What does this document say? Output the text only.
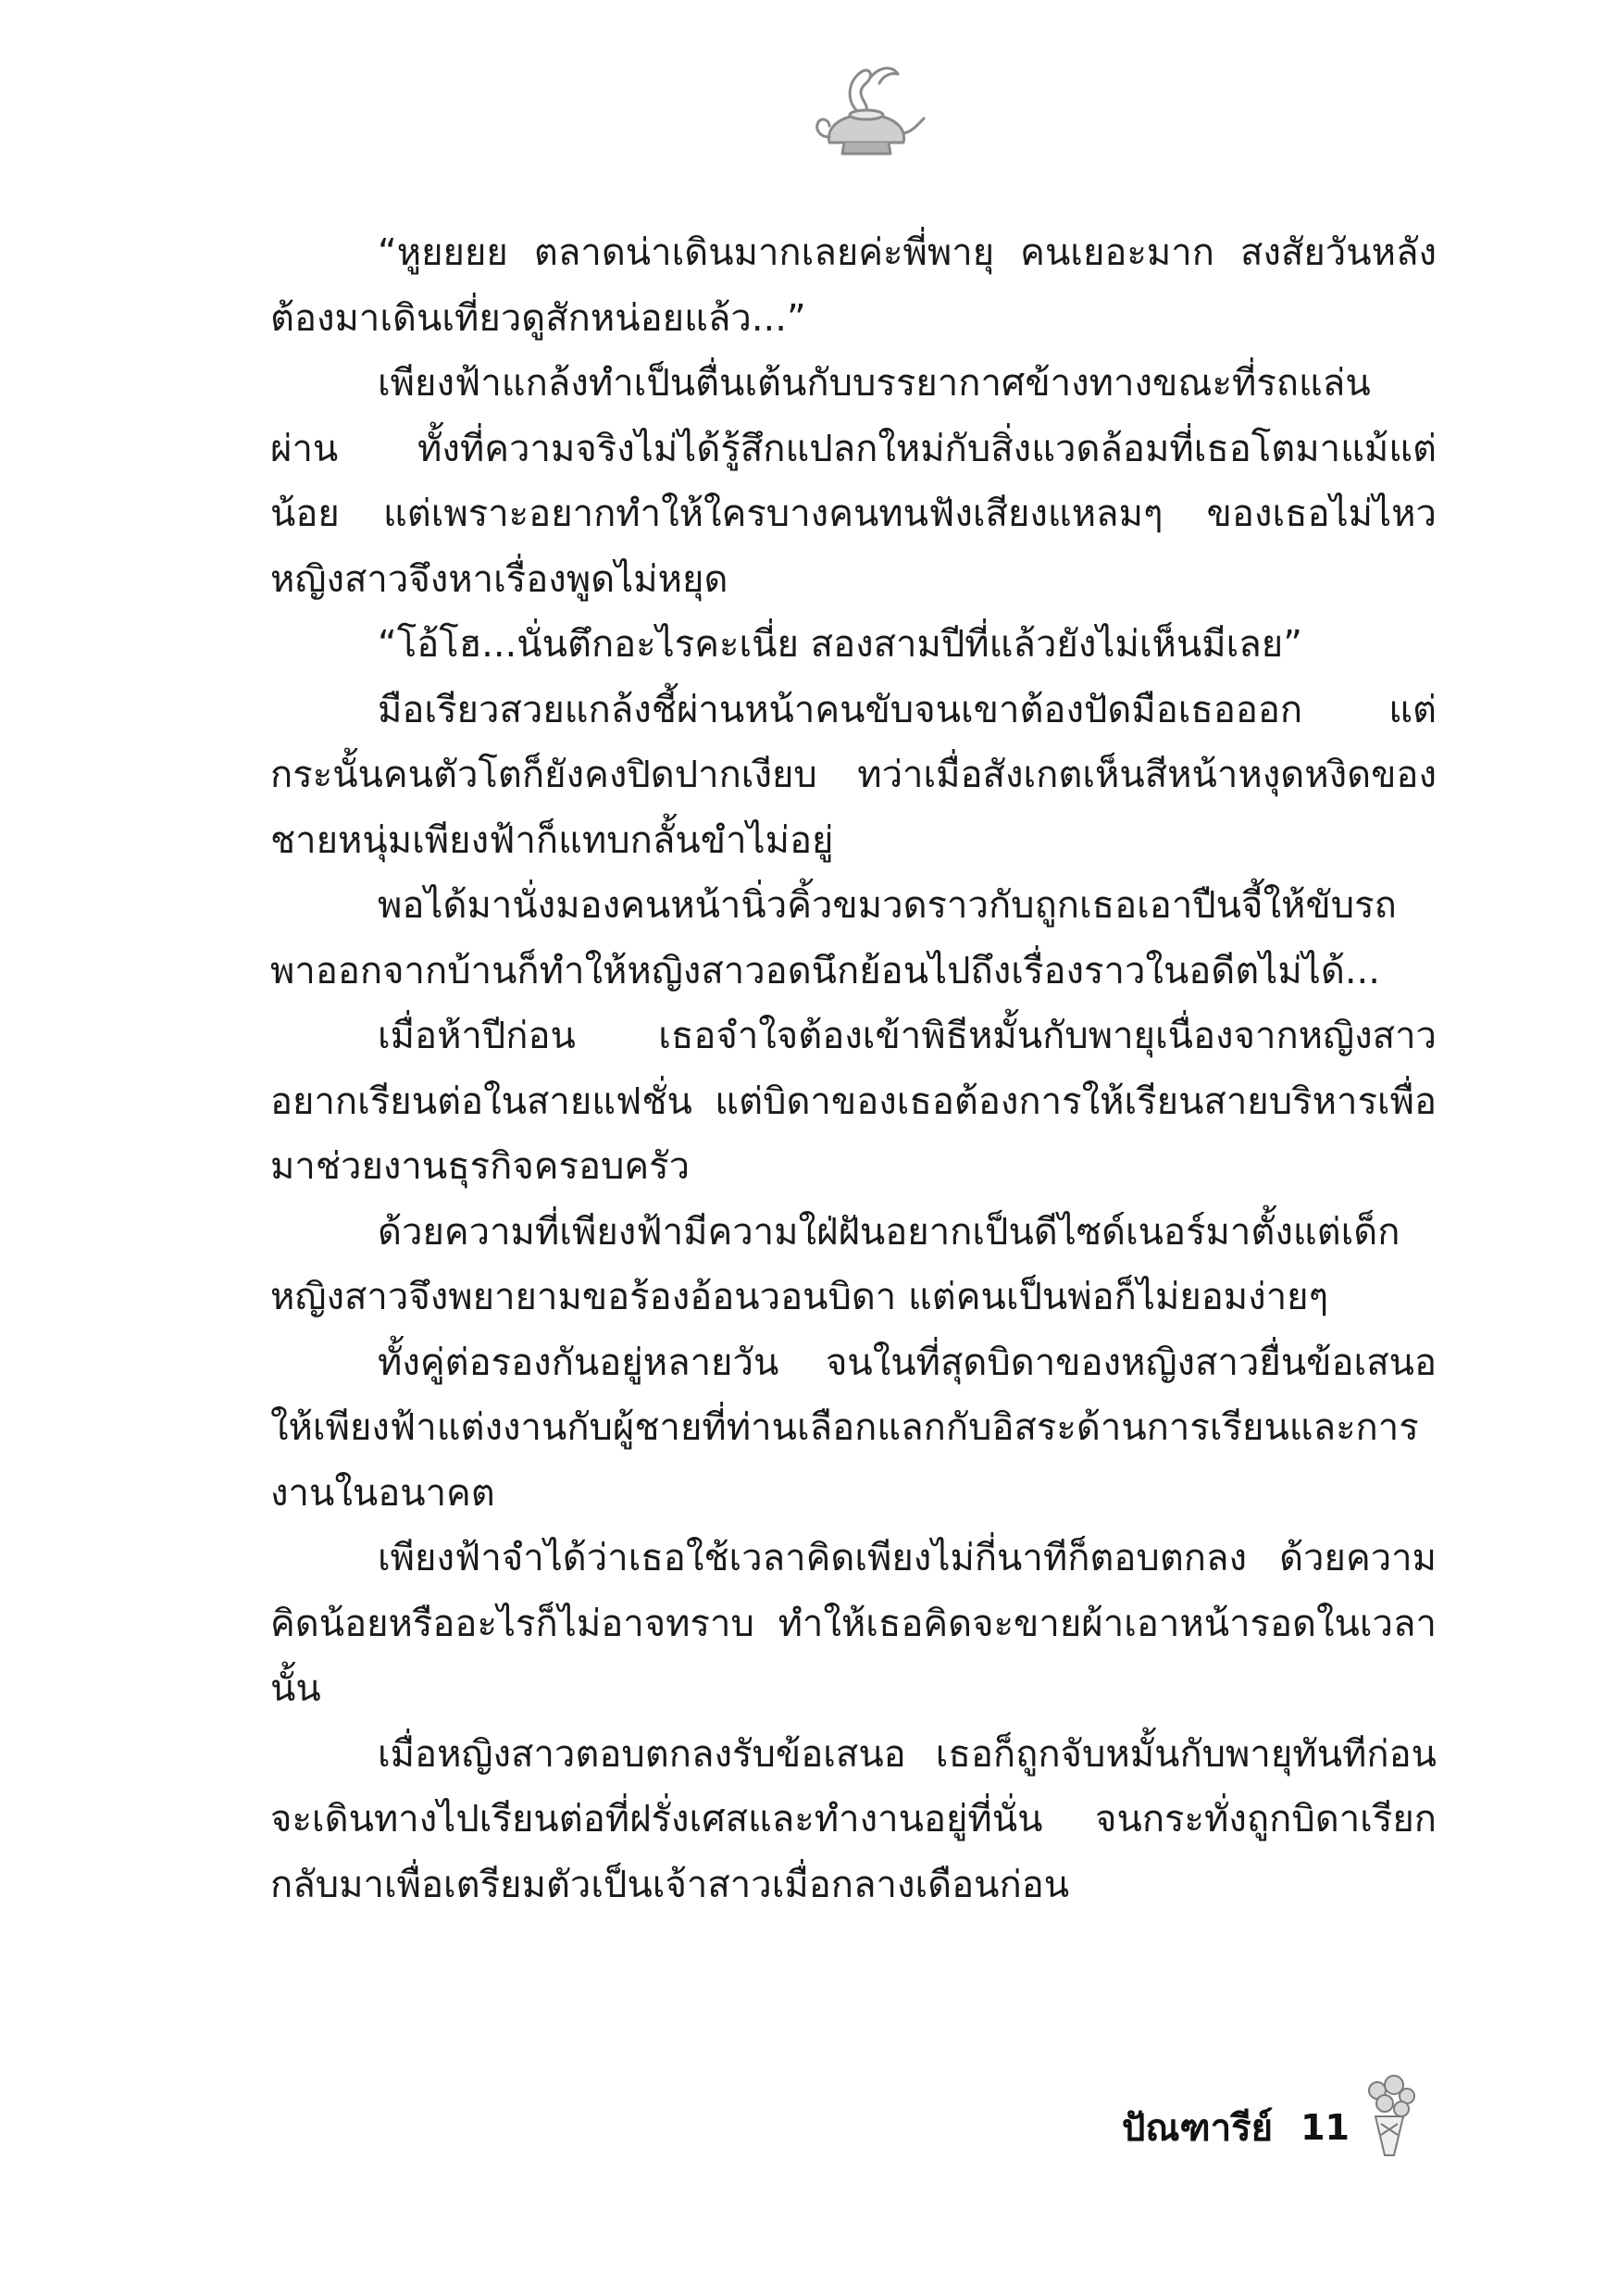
“หูยยยย ตลาดน่าเดินมากเลยค่ะพี่พายุ คนเยอะมาก สงสัยวันหลังต้องมาเดินเที่ยวดูสักหน่อยแล้ว...”

เพียงฟ้าแกล้งทำเป็นตื่นเต้นกับบรรยากาศข้างทางขณะที่รถแล่นผ่าน ทั้งที่ความจริงไม่ได้รู้สึกแปลกใหม่กับสิ่งแวดล้อมที่เธอโตมาแม้แต่น้อย แต่เพราะอยากทำให้ใครบางคนทนฟังเสียงแหลมๆ ของเธอไม่ไหวหญิงสาวจึงหาเรื่องพูดไม่หยุด

“โอ้โฮ...นั่นตึกอะไรคะเนี่ย สองสามปีที่แล้วยังไม่เห็นมีเลย”

มือเรียวสวยแกล้งชี้ผ่านหน้าคนขับจนเขาต้องปัดมือเธอออก แต่กระนั้นคนตัวโตก็ยังคงปิดปากเงียบ ทว่าเมื่อสังเกตเห็นสีหน้าหงุดหงิดของชายหนุ่มเพียงฟ้าก็แทบกลั้นขำไม่อยู่

พอได้มานั่งมองคนหน้านิ่วคิ้วขมวดราวกับถูกเธอเอาปืนจี้ให้ขับรถพาออกจากบ้านก็ทำให้หญิงสาวอดนึกย้อนไปถึงเรื่องราวในอดีตไม่ได้...

เมื่อห้าปีก่อน เธอจำใจต้องเข้าพิธีหมั้นกับพายุเนื่องจากหญิงสาวอยากเรียนต่อในสายแฟชั่น แต่บิดาของเธอต้องการให้เรียนสายบริหารเพื่อมาช่วยงานธุรกิจครอบครัว

ด้วยความที่เพียงฟ้ามีความใฝ่ฝันอยากเป็นดีไซด์เนอร์มาตั้งแต่เด็กหญิงสาวจึงพยายามขอร้องอ้อนวอนบิดา แต่คนเป็นพ่อก็ไม่ยอมง่ายๆ

ทั้งคู่ต่อรองกันอยู่หลายวัน จนในที่สุดบิดาของหญิงสาวยื่นข้อเสนอให้เพียงฟ้าแต่งงานกับผู้ชายที่ท่านเลือกแลกกับอิสระด้านการเรียนและการงานในอนาคต

เพียงฟ้าจำได้ว่าเธอใช้เวลาคิดเพียงไม่กี่นาทีก็ตอบตกลง ด้วยความคิดน้อยหรืออะไรก็ไม่อาจทราบ ทำให้เธอคิดจะขายผ้าเอาหน้ารอดในเวลานั้น

เมื่อหญิงสาวตอบตกลงรับข้อเสนอ เธอก็ถูกจับหมั้นกับพายุทันทีก่อนจะเดินทางไปเรียนต่อที่ฝรั่งเศสและทำงานอยู่ที่นั่น จนกระทั่งถูกบิดาเรียกกลับมาเพื่อเตรียมตัวเป็นเจ้าสาวเมื่อกลางเดือนก่อน

ปัณฑารีย์ 11
